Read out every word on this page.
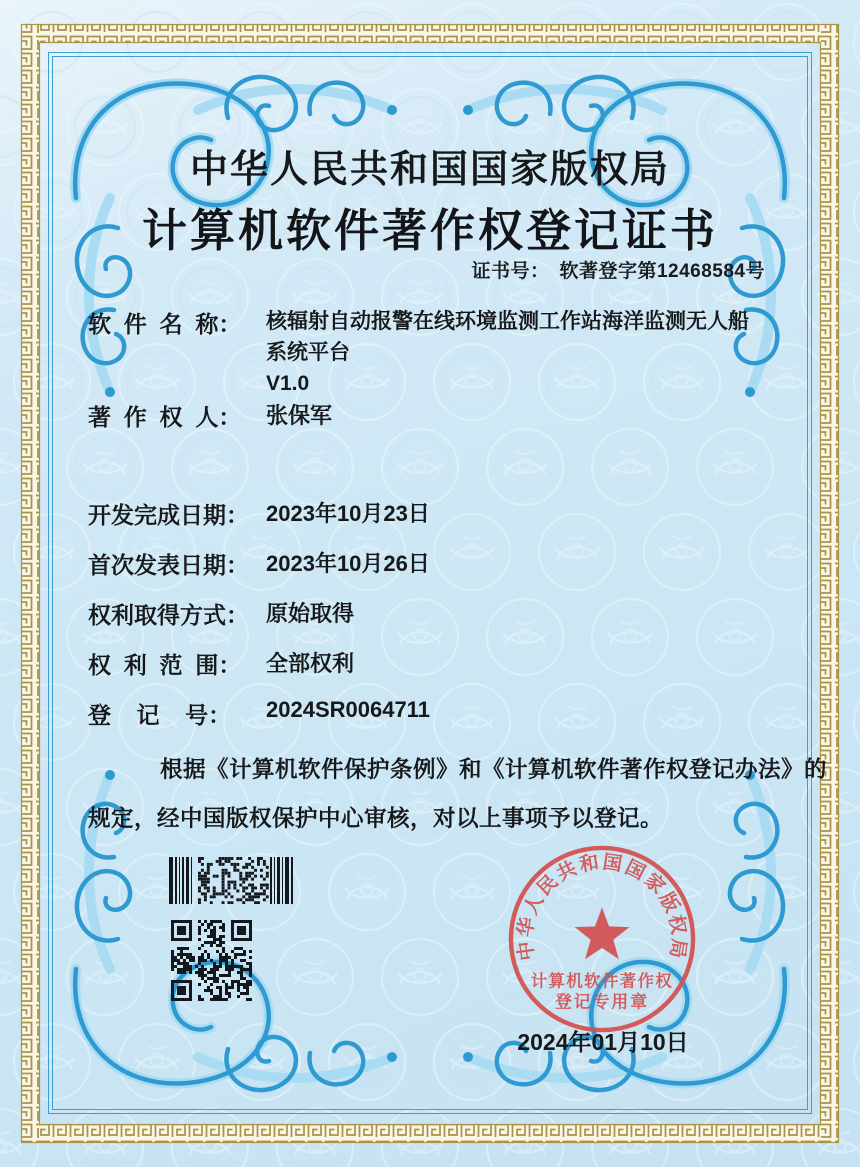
中华人民共和国国家版权局
计算机软件著作权登记证书
证书号： 软著登字第12468584号
软  件  名  称：	核辐射自动报警在线环境监测工作站海洋监测无人船
系统平台
V1.0
著  作  权  人： 张保军
开发完成日期： 2023年10月23日
首次发表日期： 2023年10月26日
权利取得方式： 原始取得
权  利  范  围： 全部权利
登    记    号： 2024SR0064711
根据《计算机软件保护条例》和《计算机软件著作权登记办法》的
规定，经中国版权保护中心审核，对以上事项予以登记。
中华人民共和国国家版权局
计算机软件著作权
登记专用章
2024年01月10日
